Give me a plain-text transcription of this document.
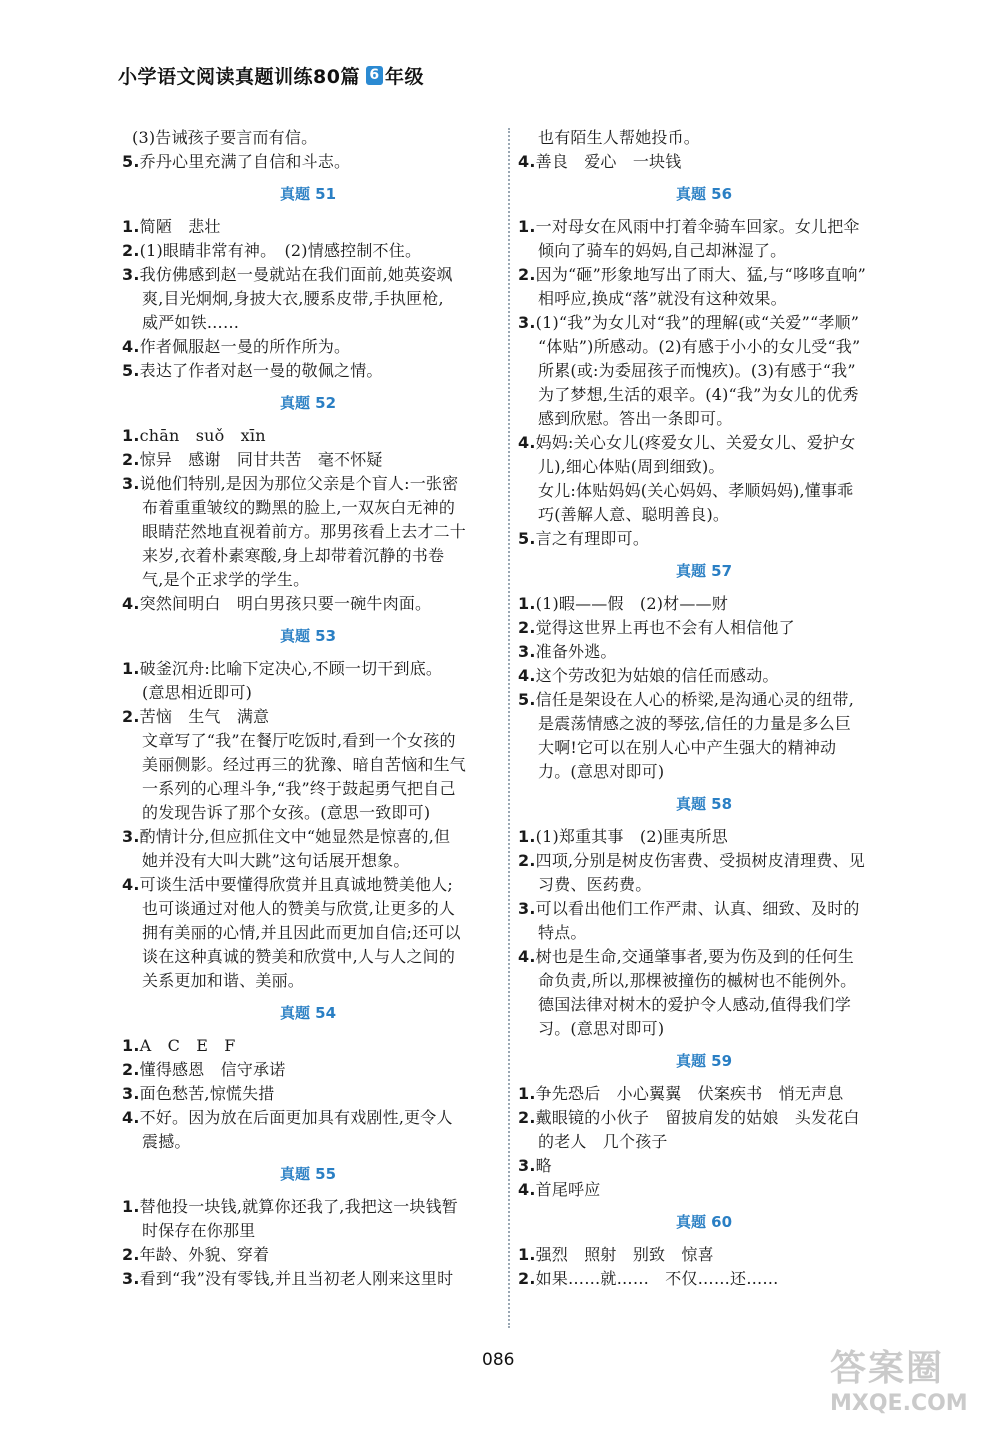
小学语文阅读真题训练80篇 6 年级
(3)告诫孩子要言而有信。
5.乔丹心里充满了自信和斗志。
真题 51
1.简陋　悲壮
2.(1)眼睛非常有神。　(2)情感控制不住。
3.我仿佛感到赵一曼就站在我们面前,她英姿飒
爽,目光炯炯,身披大衣,腰系皮带,手执匣枪,
威严如铁……
4.作者佩服赵一曼的所作所为。
5.表达了作者对赵一曼的敬佩之情。
真题 52
1.chān　suǒ　xīn
2.惊异　感谢　同甘共苦　毫不怀疑
3.说他们特别,是因为那位父亲是个盲人:一张密
布着重重皱纹的黝黑的脸上,一双灰白无神的
眼睛茫然地直视着前方。那男孩看上去才二十
来岁,衣着朴素寒酸,身上却带着沉静的书卷
气,是个正求学的学生。
4.突然间明白　明白男孩只要一碗牛肉面。
真题 53
1.破釜沉舟:比喻下定决心,不顾一切干到底。
(意思相近即可)
2.苦恼　生气　满意
文章写了“我”在餐厅吃饭时,看到一个女孩的
美丽侧影。经过再三的犹豫、暗自苦恼和生气
一系列的心理斗争,“我”终于鼓起勇气把自己
的发现告诉了那个女孩。(意思一致即可)
3.酌情计分,但应抓住文中“她显然是惊喜的,但
她并没有大叫大跳”这句话展开想象。
4.可谈生活中要懂得欣赏并且真诚地赞美他人;
也可谈通过对他人的赞美与欣赏,让更多的人
拥有美丽的心情,并且因此而更加自信;还可以
谈在这种真诚的赞美和欣赏中,人与人之间的
关系更加和谐、美丽。
真题 54
1.A　C　E　F
2.懂得感恩　信守承诺
3.面色愁苦,惊慌失措
4.不好。因为放在后面更加具有戏剧性,更令人
震撼。
真题 55
1.替他投一块钱,就算你还我了,我把这一块钱暂
时保存在你那里
2.年龄、外貌、穿着
3.看到“我”没有零钱,并且当初老人刚来这里时
也有陌生人帮她投币。
4.善良　爱心　一块钱
真题 56
1.一对母女在风雨中打着伞骑车回家。女儿把伞
倾向了骑车的妈妈,自己却淋湿了。
2.因为“砸”形象地写出了雨大、猛,与“哆哆直响”
相呼应,换成“落”就没有这种效果。
3.(1)“我”为女儿对“我”的理解(或“关爱”“孝顺”
“体贴”)所感动。(2)有感于小小的女儿受“我”
所累(或:为委屈孩子而愧疚)。(3)有感于“我”
为了梦想,生活的艰辛。(4)“我”为女儿的优秀
感到欣慰。答出一条即可。
4.妈妈:关心女儿(疼爱女儿、关爱女儿、爱护女
儿),细心体贴(周到细致)。
女儿:体贴妈妈(关心妈妈、孝顺妈妈),懂事乖
巧(善解人意、聪明善良)。
5.言之有理即可。
真题 57
1.(1)暇——假　(2)材——财
2.觉得这世界上再也不会有人相信他了
3.准备外逃。
4.这个劳改犯为姑娘的信任而感动。
5.信任是架设在人心的桥梁,是沟通心灵的纽带,
是震荡情感之波的琴弦,信任的力量是多么巨
大啊!它可以在别人心中产生强大的精神动
力。(意思对即可)
真题 58
1.(1)郑重其事　(2)匪夷所思
2.四项,分别是树皮伤害费、受损树皮清理费、见
习费、医药费。
3.可以看出他们工作严肃、认真、细致、及时的
特点。
4.树也是生命,交通肇事者,要为伤及到的任何生
命负责,所以,那棵被撞伤的槭树也不能例外。
德国法律对树木的爱护令人感动,值得我们学
习。(意思对即可)
真题 59
1.争先恐后　小心翼翼　伏案疾书　悄无声息
2.戴眼镜的小伙子　留披肩发的姑娘　头发花白
的老人　几个孩子
3.略
4.首尾呼应
真题 60
1.强烈　照射　别致　惊喜
2.如果……就……　不仅……还……
086	答案圈
MXQE.COM
